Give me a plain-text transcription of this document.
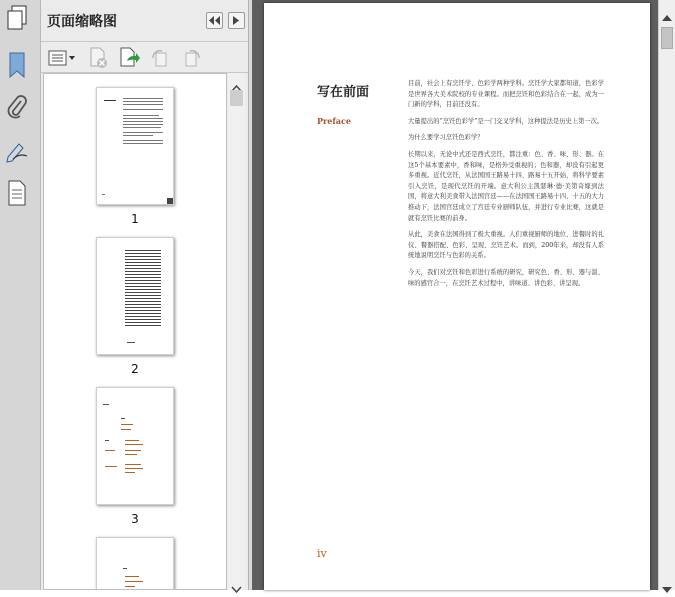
页面缩略图
1
2
3
写在前面
Preface

目前，社会上有烹饪学、色彩学两种学科。烹饪学大家都知道，色彩学是世界各大美术院校的专业课程。而把烹饪和色彩结合在一起，成为一门新的学科，目前还没有。

大量提出的“烹饪色彩学”是一门交叉学科，这种提法是历史上第一次。

为什么要学习烹饪色彩学？

长期以来，无论中式还是西式烹饪，都注重：色、香、味、形、器。在这5个基本要素中，香和味，是格外受重视的；色和器，却没有引起更多重视。近代烹饪，从法国国王路易十四、路易十五开始，将科学要素引入烹饪，是现代烹饪的开端。意大利公主凯瑟琳·德·美第奇嫁到法国，将意大利美食带入法国宫廷——在法国国王路易十四、十五的大力推动下，法国宫廷成立了宫廷专业厨师队伍，并进行专业比赛，这就是就有烹饪比赛的前身。

从此，美食在法国得到了极大重视。人们重视厨师的地位、进餐时的礼仪、餐器搭配、色彩、呈现、烹饪艺术。而到，200年来，却没有人系统地说明烹饪与色彩的关系。

今天，我们对烹饪和色彩进行系统的研究，研究色、香、形、器与温、味的感官合一，在烹饪艺术过程中，讲味道、讲色彩、讲呈现。

iv
